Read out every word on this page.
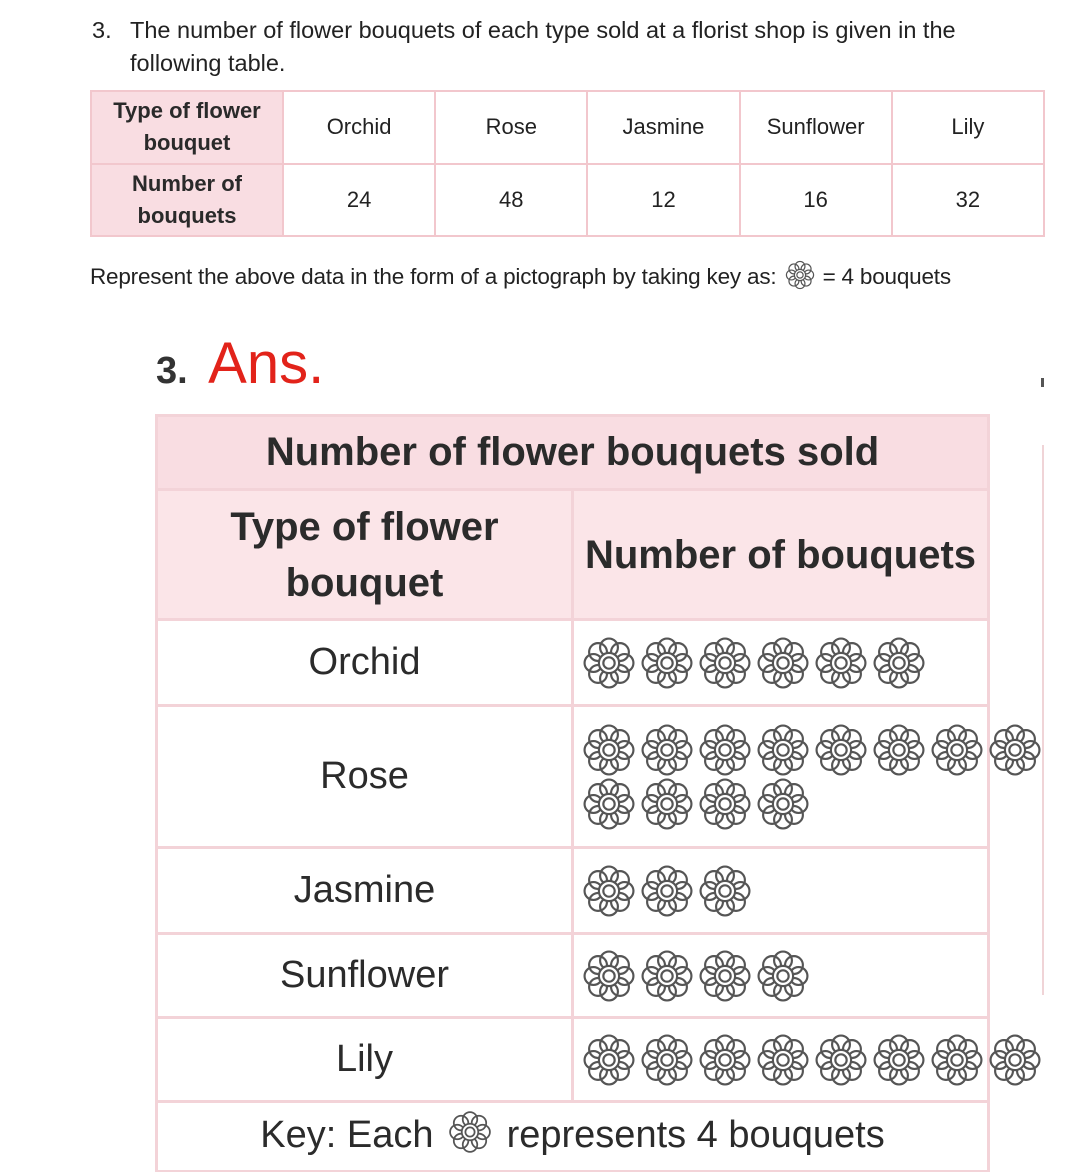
3. The number of flower bouquets of each type sold at a florist shop is given in the following table.
Type of flower bouquet	Orchid	Rose	Jasmine	Sunflower	Lily
Number of bouquets	24	48	12	16	32
Represent the above data in the form of a pictograph by taking key as: = 4 bouquets
3. Ans.
Number of flower bouquets sold	
Type of flower bouquet	Number of bouquets
Orchid	

Rose	

Jasmine	

Sunflower	

Lily	

Key: Each represents 4 bouquets	
